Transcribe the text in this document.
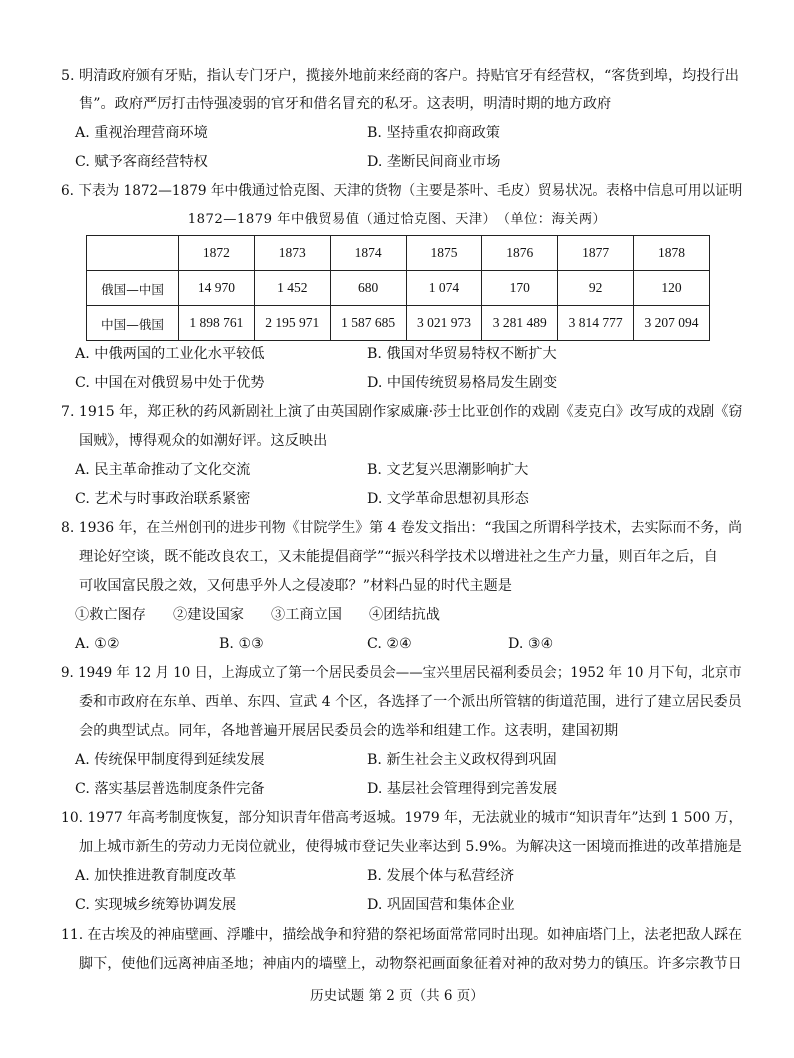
5. 明清政府颁有牙贴，指认专门牙户，揽接外地前来经商的客户。持贴官牙有经营权，“客货到埠，均投行出
售”。政府严厉打击恃强凌弱的官牙和借名冒充的私牙。这表明，明清时期的地方政府
A. 重视治理营商环境	B. 坚持重农抑商政策
C. 赋予客商经营特权	D. 垄断民间商业市场
6. 下表为 1872—1879 年中俄通过恰克图、天津的货物（主要是茶叶、毛皮）贸易状况。表格中信息可用以证明
1872—1879 年中俄贸易值（通过恰克图、天津）　（单位：海关两）
	1872	1873	1874	1875	1876	1877	1878
俄国—中国	14 970	1 452	680	1 074	170	92	120
中国—俄国	1 898 761	2 195 971	1 587 685	3 021 973	3 281 489	3 814 777	3 207 094
A. 中俄两国的工业化水平较低	B. 俄国对华贸易特权不断扩大
C. 中国在对俄贸易中处于优势	D. 中国传统贸易格局发生剧变
7. 1915 年，郑正秋的药风新剧社上演了由英国剧作家威廉·莎士比亚创作的戏剧《麦克白》改写成的戏剧《窃
国贼》，博得观众的如潮好评。这反映出
A. 民主革命推动了文化交流	B. 文艺复兴思潮影响扩大
C. 艺术与时事政治联系紧密	D. 文学革命思想初具形态
8. 1936 年，在兰州创刊的进步刊物《甘院学生》第 4 卷发文指出：“我国之所谓科学技术，去实际而不务，尚
理论好空谈，既不能改良农工，又未能提倡商学”“振兴科学技术以增进社之生产力量，则百年之后，自
可收国富民殷之效，又何患乎外人之侵凌耶？”材料凸显的时代主题是
①救亡图存 ②建设国家 ③工商立国 ④团结抗战
A. ①②	B. ①③	C. ②④	D. ③④
9. 1949 年 12 月 10 日，上海成立了第一个居民委员会——宝兴里居民福利委员会；1952 年 10 月下旬，北京市
委和市政府在东单、西单、东四、宣武 4 个区，各选择了一个派出所管辖的街道范围，进行了建立居民委员
会的典型试点。同年，各地普遍开展居民委员会的选举和组建工作。这表明，建国初期
A. 传统保甲制度得到延续发展	B. 新生社会主义政权得到巩固
C. 落实基层普选制度条件完备	D. 基层社会管理得到完善发展
10. 1977 年高考制度恢复，部分知识青年借高考返城。1979 年，无法就业的城市“知识青年”达到 1 500 万，
加上城市新生的劳动力无岗位就业，使得城市登记失业率达到 5.9%。为解决这一困境而推进的改革措施是
A. 加快推进教育制度改革	B. 发展个体与私营经济
C. 实现城乡统筹协调发展	D. 巩固国营和集体企业
11. 在古埃及的神庙壁画、浮雕中，描绘战争和狩猎的祭祀场面常常同时出现。如神庙塔门上，法老把敌人踩在
脚下，使他们远离神庙圣地；神庙内的墙壁上，动物祭祀画面象征着对神的敌对势力的镇压。许多宗教节日
历史试题 第 2 页（共 6 页）
